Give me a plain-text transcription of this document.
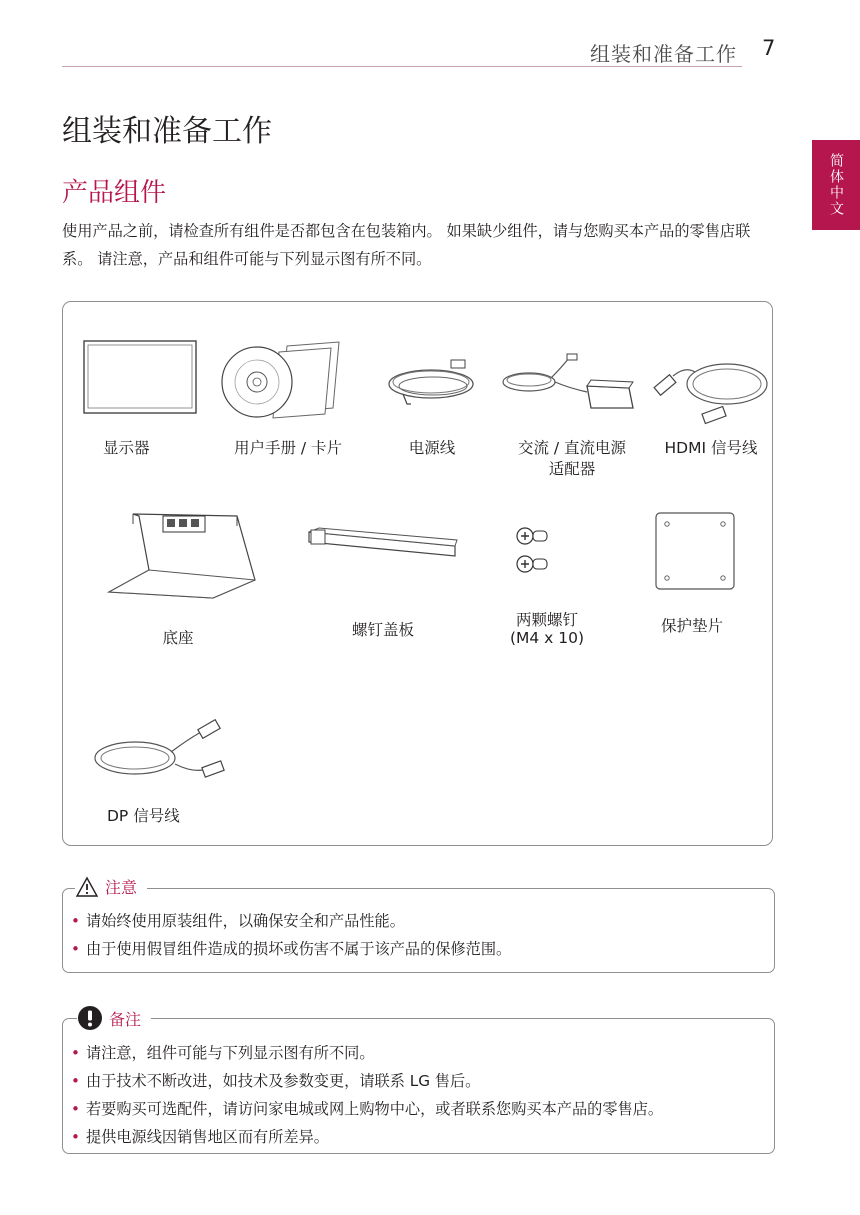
组装和准备工作 7
简体中文
组装和准备工作
产品组件

使用产品之前，请检查所有组件是否都包含在包装箱内。 如果缺少组件，请与您购买本产品的零售店联系。 请注意，产品和组件可能与下列显示图有所不同。

显示器	用户手册 / 卡片	电源线	交流 / 直流电源
适配器
HDMI 信号线
底座	螺钉盖板
两颗螺钉
(M4 x 10)
保护垫片
DP 信号线
注意
• 请始终使用原装组件，以确保安全和产品性能。
• 由于使用假冒组件造成的损坏或伤害不属于该产品的保修范围。
备注
• 请注意，组件可能与下列显示图有所不同。
• 由于技术不断改进，如技术及参数变更，请联系 LG 售后。
• 若要购买可选配件，请访问家电城或网上购物中心，或者联系您购买本产品的零售店。
• 提供电源线因销售地区而有所差异。
